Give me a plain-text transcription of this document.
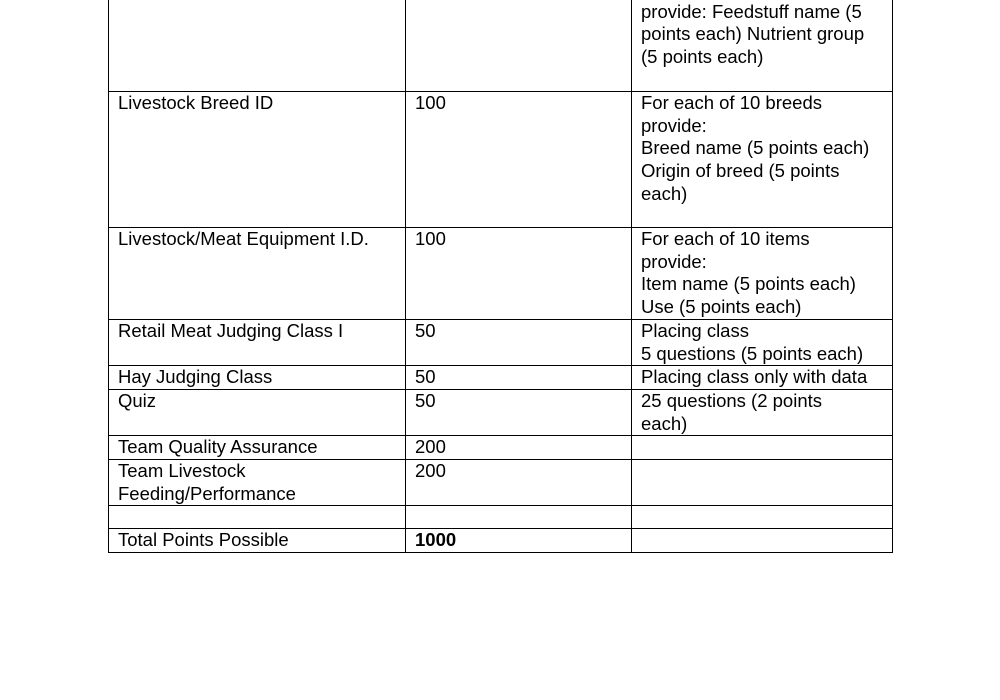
provide: Feedstuff name (5
points each) Nutrient group
(5 points each)

Livestock Breed ID	100	For each of 10 breeds
provide:
Breed name (5 points each)
Origin of breed (5 points
each)

Livestock/Meat Equipment I.D.	100	For each of 10 items
provide:
Item name (5 points each)
Use (5 points each)

Retail Meat Judging Class I	50	Placing class
5 questions (5 points each)

Hay Judging Class	50	Placing class only with data

Quiz	50	25 questions (2 points
each)

Team Quality Assurance	200	
Team Livestock Feeding/Performance	200	

Total Points Possible	1000	
